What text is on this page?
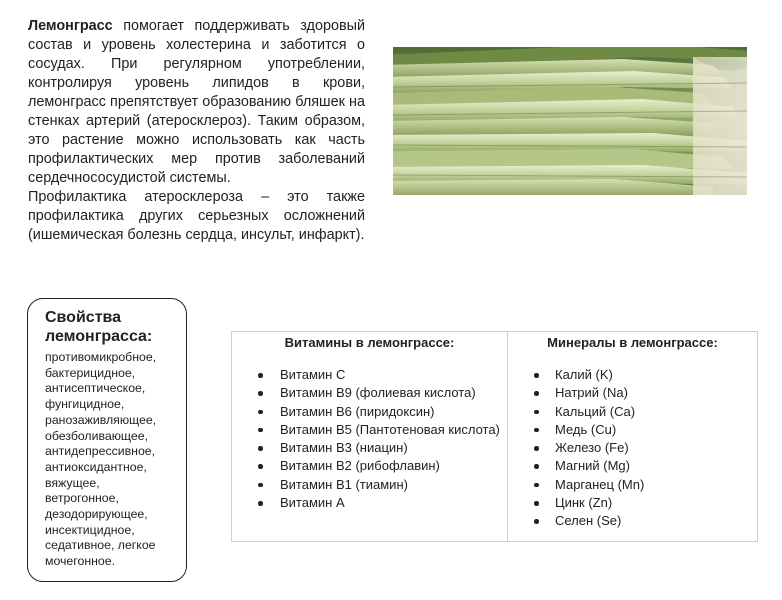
Лемонграсс помогает поддерживать здоровый состав и уровень холестерина и заботится о сосудах. При регулярном употреблении, контролируя уровень липидов в крови, лемонграсс препятствует образованию бляшек на стенках артерий (атеросклероз). Таким образом, это растение можно использовать как часть профилактических мер против заболеваний сердечнососудистой системы.

Профилактика атеросклероза – это также профилактика других серьезных осложнений (ишемическая болезнь сердца, инсульт, инфаркт).

Свойства лемонграсса:
противомикробное,
бактерицидное,
антисептическое,
фунгицидное,
ранозаживляющее,
обезболивающее,
антидепрессивное,
антиоксидантное,
вяжущее,
ветрогонное,
дезодорирующее,
инсектицидное,
седативное, легкое
мочегонное.
Витамины в лемонграссе:
Витамин С
Витамин В9 (фолиевая кислота)
Витамин В6 (пиридоксин)
Витамин В5 (Пантотеновая кислота)
Витамин В3 (ниацин)
Витамин В2 (рибофлавин)
Витамин В1 (тиамин)
Витамин А
Минералы в лемонграссе:
Калий (K)
Натрий (Na)
Кальций (Ca)
Медь (Cu)
Железо (Fe)
Магний (Mg)
Марганец (Mn)
Цинк (Zn)
Селен (Se)
